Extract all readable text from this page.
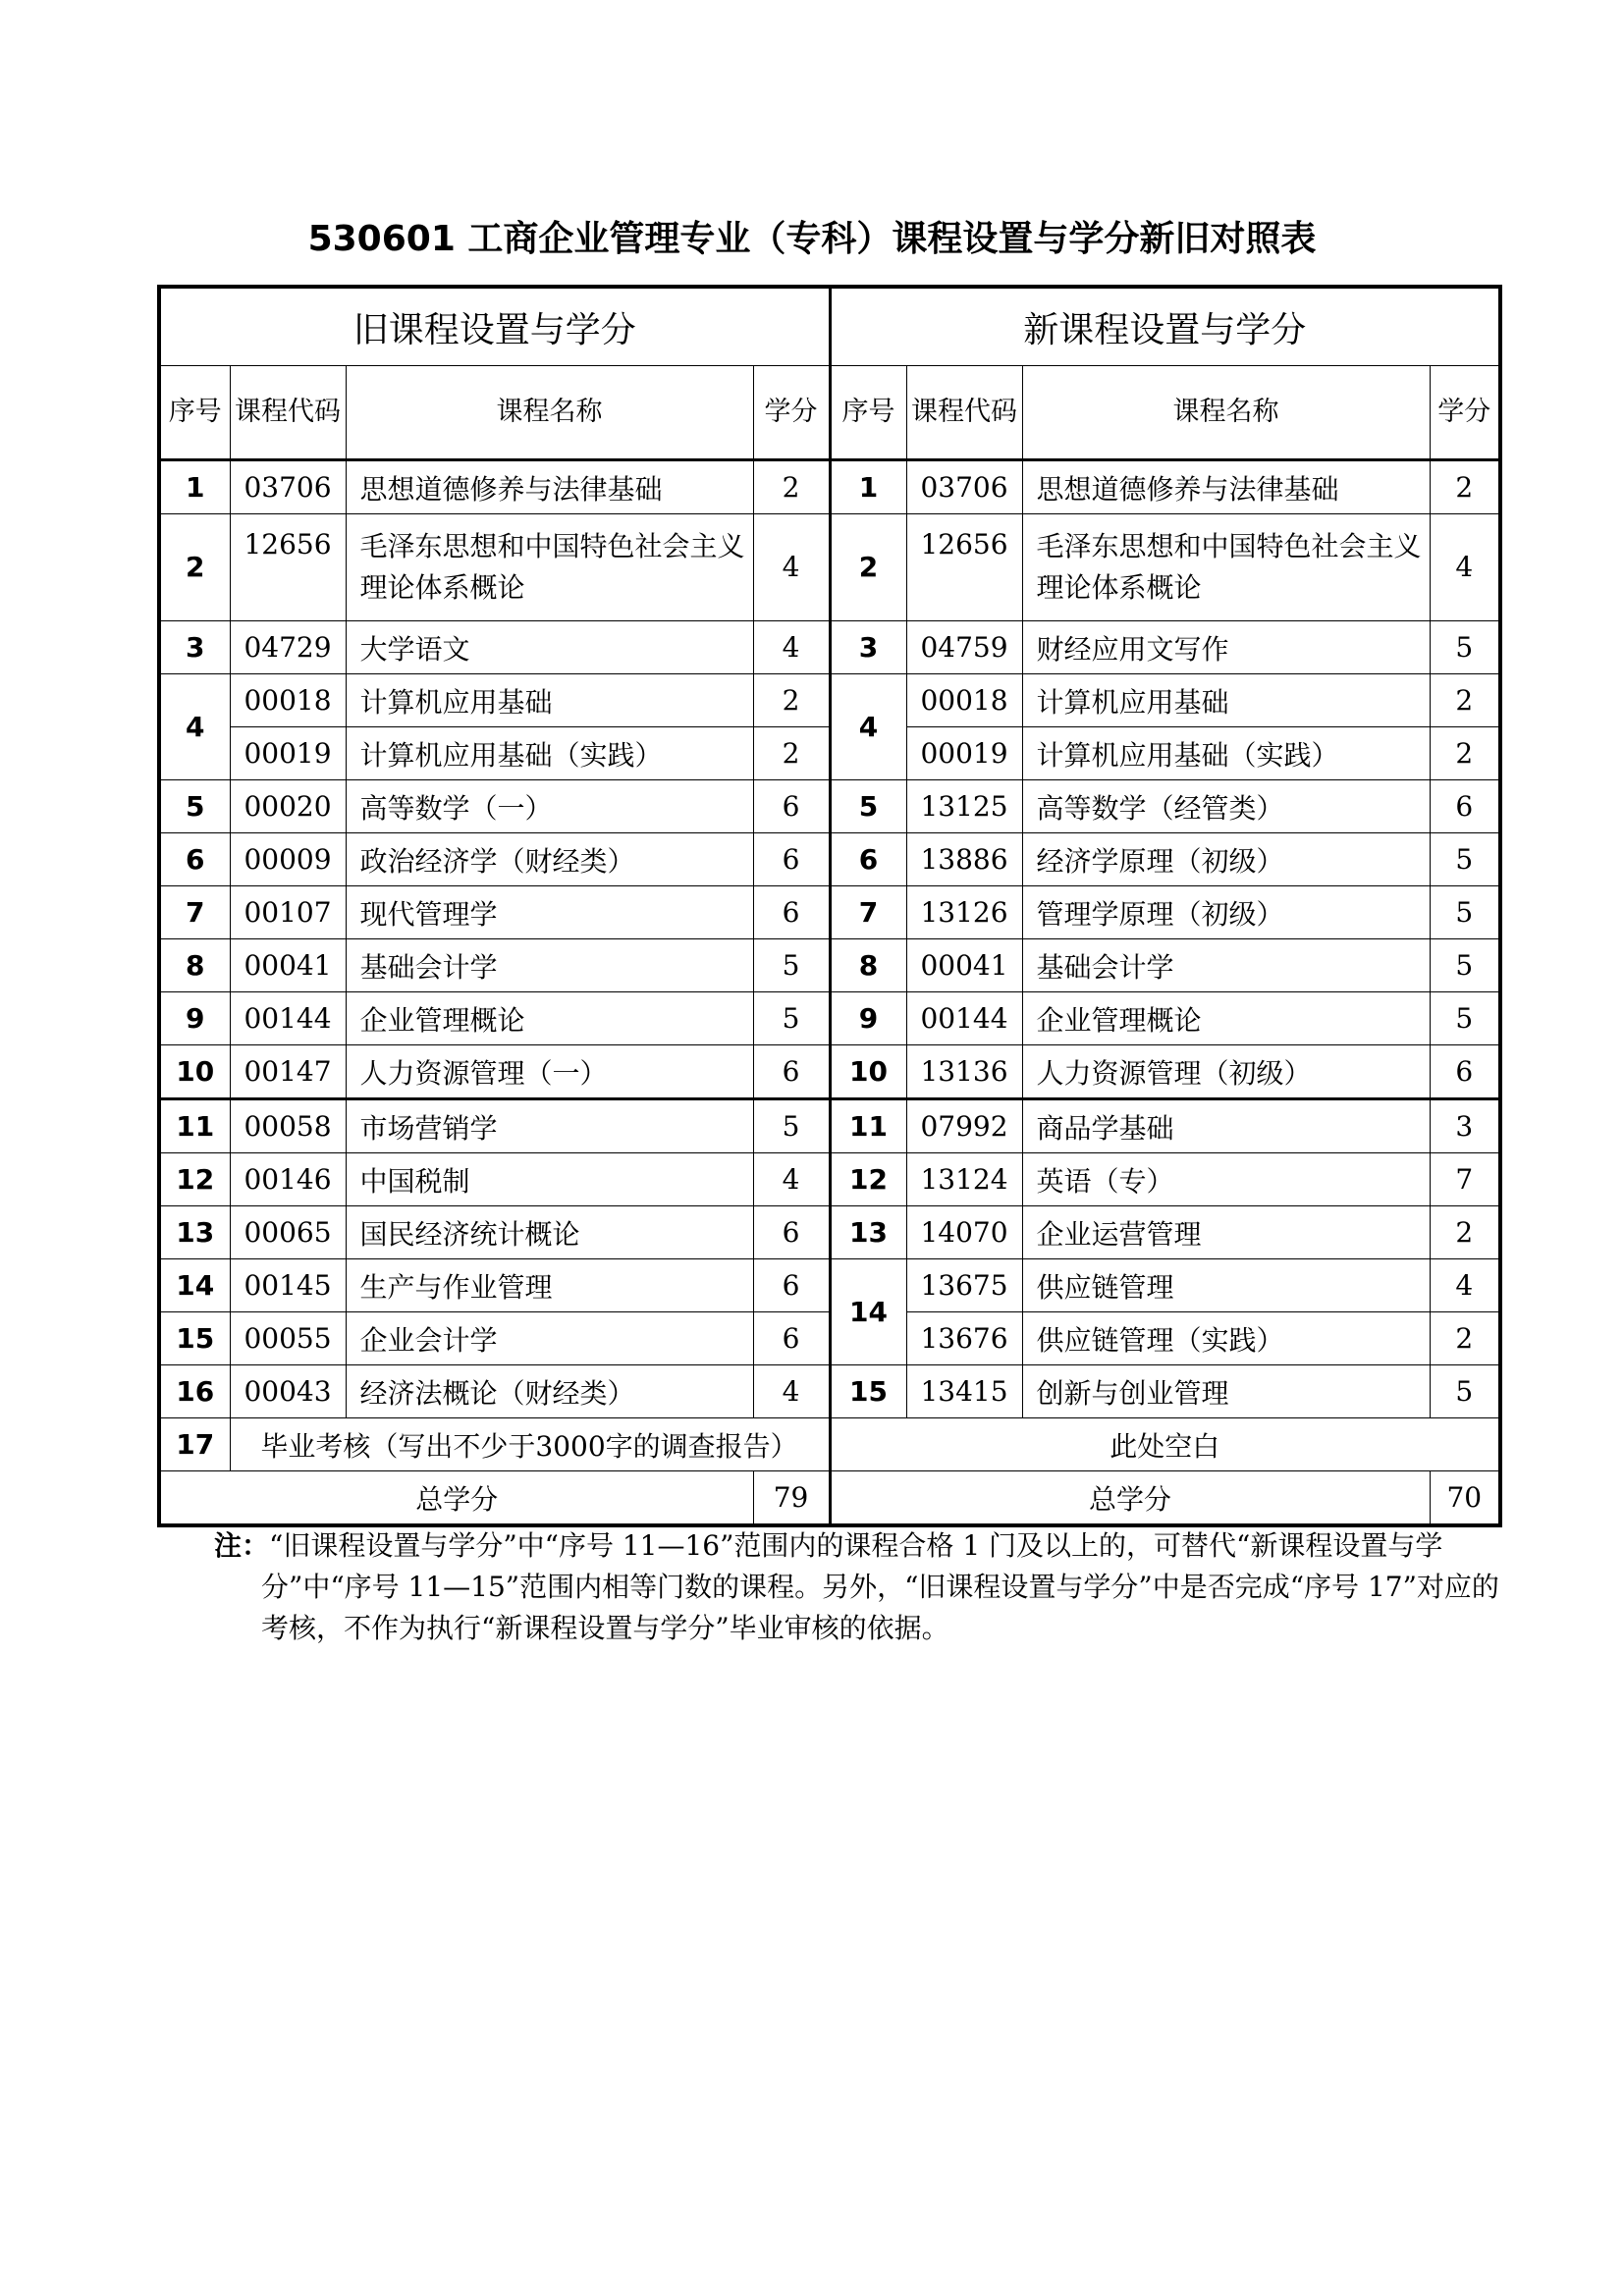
530601 工商企业管理专业（专科）课程设置与学分新旧对照表
旧课程设置与学分				新课程设置与学分			
序号	课程代码	课程名称	学分	序号	课程代码	课程名称	学分
1	03706	思想道德修养与法律基础	2	1	03706	思想道德修养与法律基础	2
2	12656	毛泽东思想和中国特色社会主义理论体系概论	4	2	12656	毛泽东思想和中国特色社会主义理论体系概论	4
3	04729	大学语文	4	3	04759	财经应用文写作	5
4	00018	计算机应用基础	2	4	00018	计算机应用基础	2
	00019	计算机应用基础（实践）	2		00019	计算机应用基础（实践）	2
5	00020	高等数学（一）	6	5	13125	高等数学（经管类）	6
6	00009	政治经济学（财经类）	6	6	13886	经济学原理（初级）	5
7	00107	现代管理学	6	7	13126	管理学原理（初级）	5
8	00041	基础会计学	5	8	00041	基础会计学	5
9	00144	企业管理概论	5	9	00144	企业管理概论	5
10	00147	人力资源管理（一）	6	10	13136	人力资源管理（初级）	6
11	00058	市场营销学	5	11	07992	商品学基础	3
12	00146	中国税制	4	12	13124	英语（专）	7
13	00065	国民经济统计概论	6	13	14070	企业运营管理	2
14	00145	生产与作业管理	6	14	13675	供应链管理	4
15	00055	企业会计学	6		13676	供应链管理（实践）	2
16	00043	经济法概论（财经类）	4	15	13415	创新与创业管理	5
17	毕业考核（写出不少于3000字的调查报告）			此处空白			
总学分			79	总学分			70

注：“旧课程设置与学分”中“序号 11—16”范围内的课程合格 1 门及以上的，可替代“新课程设置与学分”中“序号 11—15”范围内相等门数的课程。另外，“旧课程设置与学分”中是否完成“序号 17”对应的考核，不作为执行“新课程设置与学分”毕业审核的依据。
